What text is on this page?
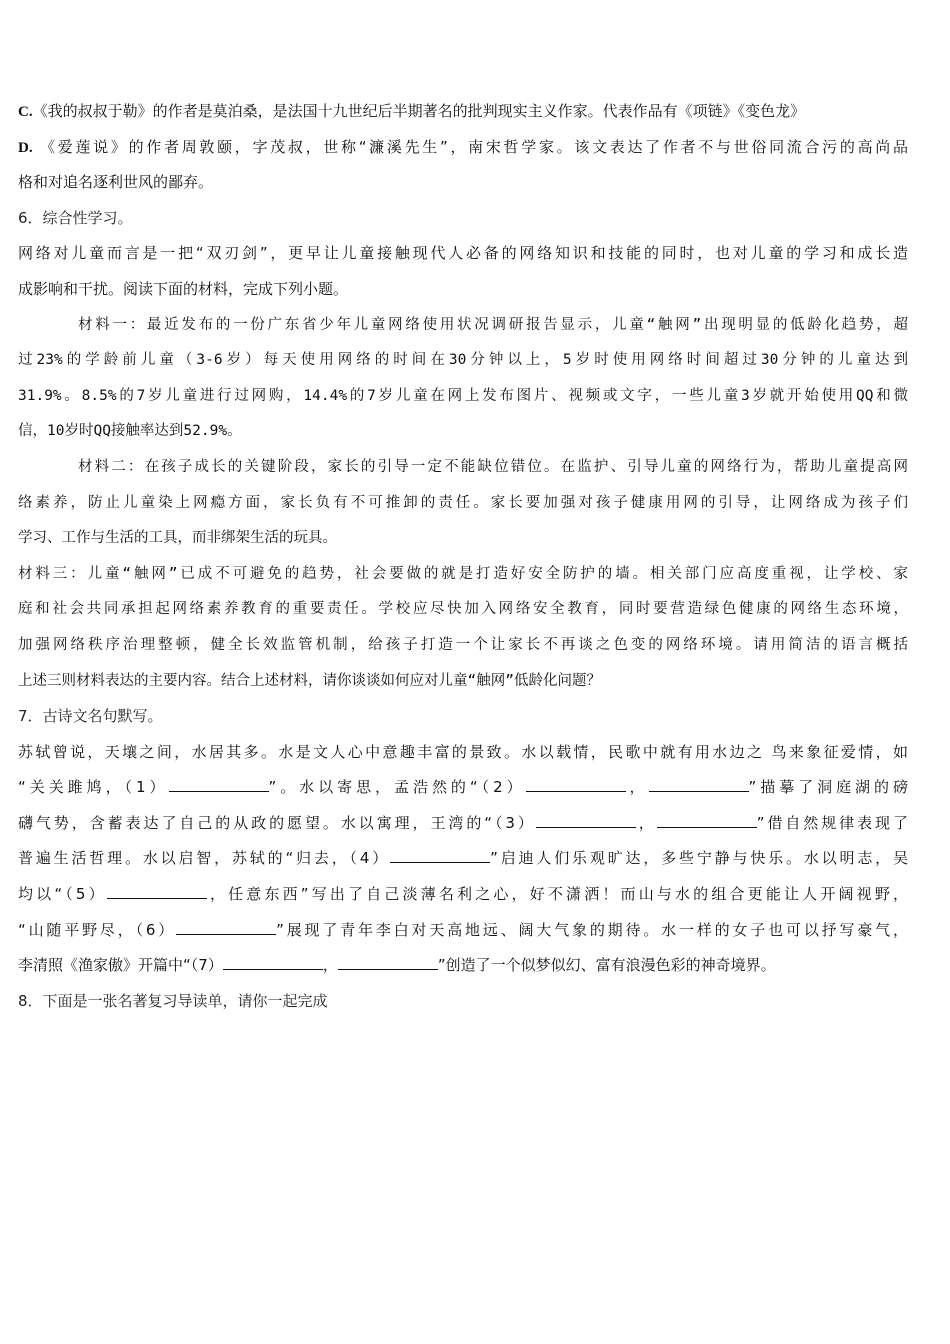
C.《我的叔叔于勒》的作者是莫泊桑，是法国十九世纪后半期著名的批判现实主义作家。代表作品有《项链》《变色龙》
D. 《爱莲说》的作者周敦颐，字茂叔，世称“濂溪先生”，南宋哲学家。该文表达了作者不与世俗同流合污的高尚品
格和对追名逐利世风的鄙弃。
6．综合性学习。
网络对儿童而言是一把“双刃剑”，更早让儿童接触现代人必备的网络知识和技能的同时，也对儿童的学习和成长造
成影响和干扰。阅读下面的材料，完成下列小题。
材料一：最近发布的一份广东省少年儿童网络使用状况调研报告显示，儿童“触网”出现明显的低龄化趋势，超
过23%的学龄前儿童（3-6岁）每天使用网络的时间在30分钟以上，5岁时使用网络时间超过30分钟的儿童达到
31.9%。8.5%的7岁儿童进行过网购，14.4%的7岁儿童在网上发布图片、视频或文字，一些儿童3岁就开始使用QQ和微
信，10岁时QQ接触率达到52.9%。
材料二：在孩子成长的关键阶段，家长的引导一定不能缺位错位。在监护、引导儿童的网络行为，帮助儿童提高网
络素养，防止儿童染上网瘾方面，家长负有不可推卸的责任。家长要加强对孩子健康用网的引导，让网络成为孩子们
学习、工作与生活的工具，而非绑架生活的玩具。
材料三：儿童“触网”已成不可避免的趋势，社会要做的就是打造好安全防护的墙。相关部门应高度重视，让学校、家
庭和社会共同承担起网络素养教育的重要责任。学校应尽快加入网络安全教育，同时要营造绿色健康的网络生态环境，
加强网络秩序治理整顿，健全长效监管机制，给孩子打造一个让家长不再谈之色变的网络环境。请用简洁的语言概括
上述三则材料表达的主要内容。结合上述材料，请你谈谈如何应对儿童“触网”低龄化问题？
7．古诗文名句默写。
苏轼曾说，天壤之间，水居其多。水是文人心中意趣丰富的景致。水以载情，民歌中就有用水边之 鸟来象征爱情，如
“关关雎鸠，（1）	”。水以寄思，孟浩然的“（2）	，	”描摹了洞庭湖的磅
礴气势，含蓄表达了自己的从政的愿望。水以寓理，王湾的“（3）	，	”借自然规律表现了
普遍生活哲理。水以启智，苏轼的“归去，（4）	”启迪人们乐观旷达，多些宁静与快乐。水以明志，吴
均以“（5）	，任意东西”写出了自己淡薄名利之心，好不潇洒！而山与水的组合更能让人开阔视野，
“山随平野尽，（6）	”展现了青年李白对天高地远、阔大气象的期待。水一样的女子也可以抒写豪气，
李清照《渔家傲》开篇中“（7）	，	”创造了一个似梦似幻、富有浪漫色彩的神奇境界。
8．下面是一张名著复习导读单，请你一起完成
